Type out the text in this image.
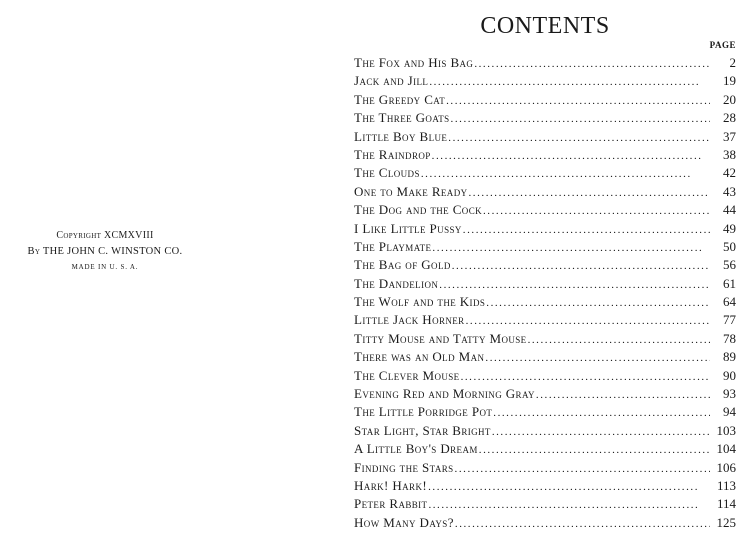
Copyright XCMXVIII
By THE JOHN C. WINSTON CO.
MADE IN U. S. A.
CONTENTS
PAGE
The Fox and His Bag . . .	2
Jack and Jill . . .	19
The Greedy Cat . . .	20
The Three Goats . . .	28
Little Boy Blue . . .	37
The Raindrop . . .	38
The Clouds . . .	42
One to Make Ready . . .	43
The Dog and the Cock . . .	44
I Like Little Pussy . . .	49
The Playmate . . .	50
The Bag of Gold . . .	56
The Dandelion . . .	61
The Wolf and the Kids . . .	64
Little Jack Horner . . .	77
Titty Mouse and Tatty Mouse . . .	78
There was an Old Man . . .	89
The Clever Mouse . . .	90
Evening Red and Morning Gray . . .	93
The Little Porridge Pot . . .	94
Star Light, Star Bright . . .	103
A Little Boy's Dream . . .	104
Finding the Stars . . .	106
Hark! Hark! . . .	113
Peter Rabbit . . .	114
How Many Days? . . .	125
